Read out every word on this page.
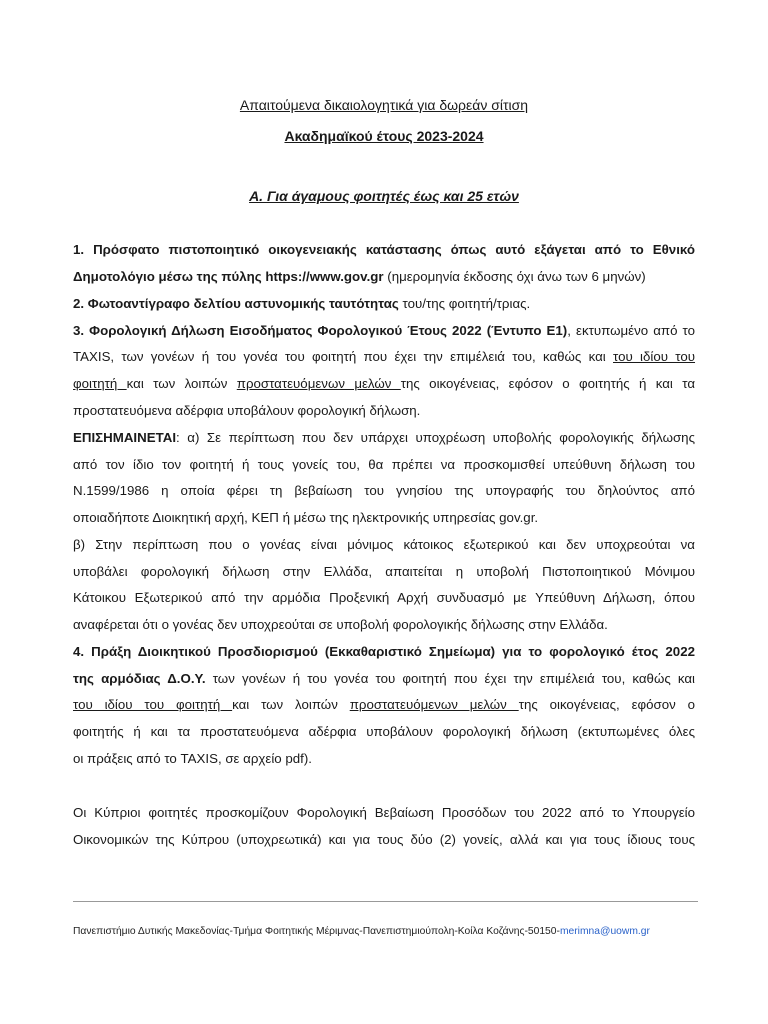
Απαιτούμενα δικαιολογητικά για δωρεάν σίτιση
Ακαδημαϊκού έτους 2023-2024
Α. Για άγαμους φοιτητές έως και 25 ετών
1. Πρόσφατο πιστοποιητικό οικογενειακής κατάστασης όπως αυτό εξάγεται από το Εθνικό
Δημοτολόγιο μέσω της πύλης https://www.gov.gr (ημερομηνία έκδοσης όχι άνω των 6 μηνών)
2. Φωτοαντίγραφο δελτίου αστυνομικής ταυτότητας του/της φοιτητή/τριας.
3. Φορολογική Δήλωση Εισοδήματος Φορολογικού Έτους 2022 (Έντυπο Ε1), εκτυπωμένο από το
TAXIS, των γονέων ή του γονέα του φοιτητή που έχει την επιμέλειά του, καθώς και του ιδίου του
φοιτητή και των λοιπών προστατευόμενων μελών της οικογένειας, εφόσον ο φοιτητής ή και τα
προστατευόμενα αδέρφια υποβάλουν φορολογική δήλωση.
ΕΠΙΣΗΜΑΙΝΕΤΑΙ: α) Σε περίπτωση που δεν υπάρχει υποχρέωση υποβολής φορολογικής δήλωσης
από τον ίδιο τον φοιτητή ή τους γονείς του, θα πρέπει να προσκομισθεί υπεύθυνη δήλωση του
Ν.1599/1986 η οποία φέρει τη βεβαίωση του γνησίου της υπογραφής του δηλούντος από
οποιαδήποτε Διοικητική αρχή, ΚΕΠ ή μέσω της ηλεκτρονικής υπηρεσίας gov.gr.
β) Στην περίπτωση που ο γονέας είναι μόνιμος κάτοικος εξωτερικού και δεν υποχρεούται να
υποβάλει φορολογική δήλωση στην Ελλάδα, απαιτείται η υποβολή Πιστοποιητικού Μόνιμου
Κάτοικου Εξωτερικού από την αρμόδια Προξενική Αρχή συνδυασμό με Υπεύθυνη Δήλωση, όπου
αναφέρεται ότι ο γονέας δεν υποχρεούται σε υποβολή φορολογικής δήλωσης στην Ελλάδα.
4. Πράξη Διοικητικού Προσδιορισμού (Εκκαθαριστικό Σημείωμα) για το φορολογικό έτος 2022
της αρμόδιας Δ.Ο.Υ. των γονέων ή του γονέα του φοιτητή που έχει την επιμέλειά του, καθώς και
του ιδίου του φοιτητή και των λοιπών προστατευόμενων μελών της οικογένειας, εφόσον ο
φοιτητής ή και τα προστατευόμενα αδέρφια υποβάλουν φορολογική δήλωση (εκτυπωμένες όλες
οι πράξεις από το TAXIS, σε αρχείο pdf).
Οι Κύπριοι φοιτητές προσκομίζουν Φορολογική Βεβαίωση Προσόδων του 2022 από το Υπουργείο
Οικονομικών της Κύπρου (υποχρεωτικά) και για τους δύο (2) γονείς, αλλά και για τους ίδιους τους
Πανεπιστήμιο Δυτικής Μακεδονίας-Τμήμα Φοιτητικής Μέριμνας-Πανεπιστημιούπολη-Κοίλα Κοζάνης-50150-merimna@uowm.gr
